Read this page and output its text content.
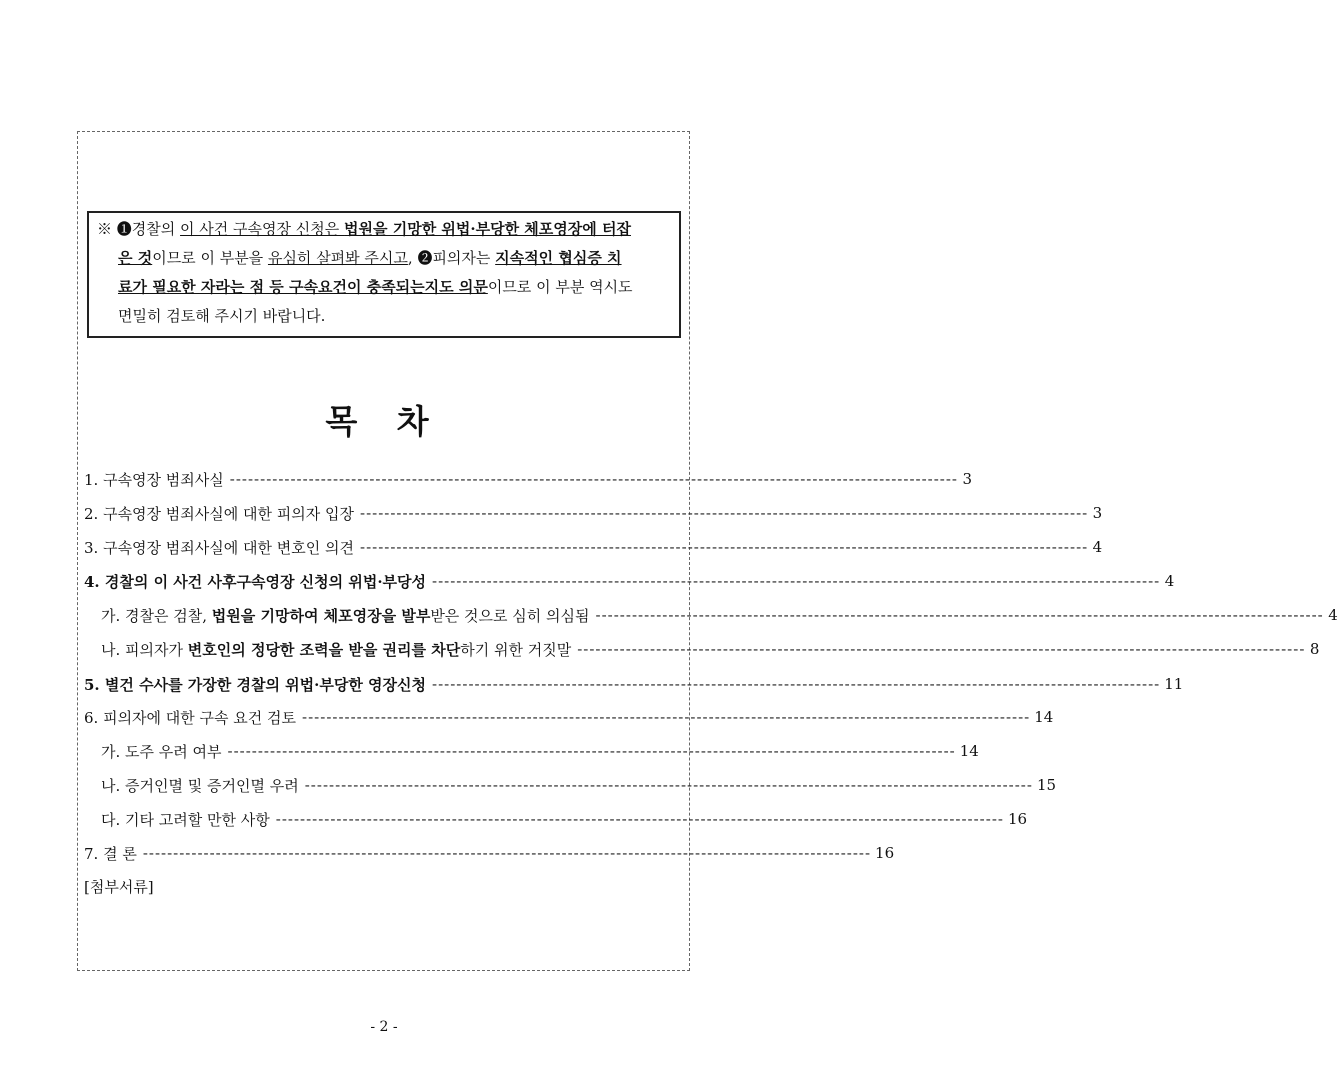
※ ❶경찰의 이 사건 구속영장 신청은 법원을 기망한 위법·부당한 체포영장에 터잡
은 것이므로 이 부분을 유심히 살펴봐 주시고, ❷피의자는 지속적인 협심증 치
료가 필요한 자라는 점 등 구속요건이 충족되는지도 의문이므로 이 부분 역시도
면밀히 검토해 주시기 바랍니다.
목 차
1. 구속영장 범죄사실 ------------------------------------------------------------------------------------------------------------------------ 3
2. 구속영장 범죄사실에 대한 피의자 입장 ------------------------------------------------------------------------------------------------------------------------ 3
3. 구속영장 범죄사실에 대한 변호인 의견 ------------------------------------------------------------------------------------------------------------------------ 4
4. 경찰의 이 사건 사후구속영장 신청의 위법·부당성 ------------------------------------------------------------------------------------------------------------------------ 4
가. 경찰은 검찰, 법원을 기망하여 체포영장을 발부받은 것으로 심히 의심됨 ------------------------------------------------------------------------------------------------------------------------ 4
나. 피의자가 변호인의 정당한 조력을 받을 권리를 차단하기 위한 거짓말 ------------------------------------------------------------------------------------------------------------------------ 8
5. 별건 수사를 가장한 경찰의 위법·부당한 영장신청 ------------------------------------------------------------------------------------------------------------------------ 11
6. 피의자에 대한 구속 요건 검토 ------------------------------------------------------------------------------------------------------------------------ 14
가. 도주 우려 여부 ------------------------------------------------------------------------------------------------------------------------ 14
나. 증거인멸 및 증거인멸 우려 ------------------------------------------------------------------------------------------------------------------------ 15
다. 기타 고려할 만한 사항 ------------------------------------------------------------------------------------------------------------------------ 16
7. 결 론 ------------------------------------------------------------------------------------------------------------------------ 16
[첨부서류]
- 2 -
